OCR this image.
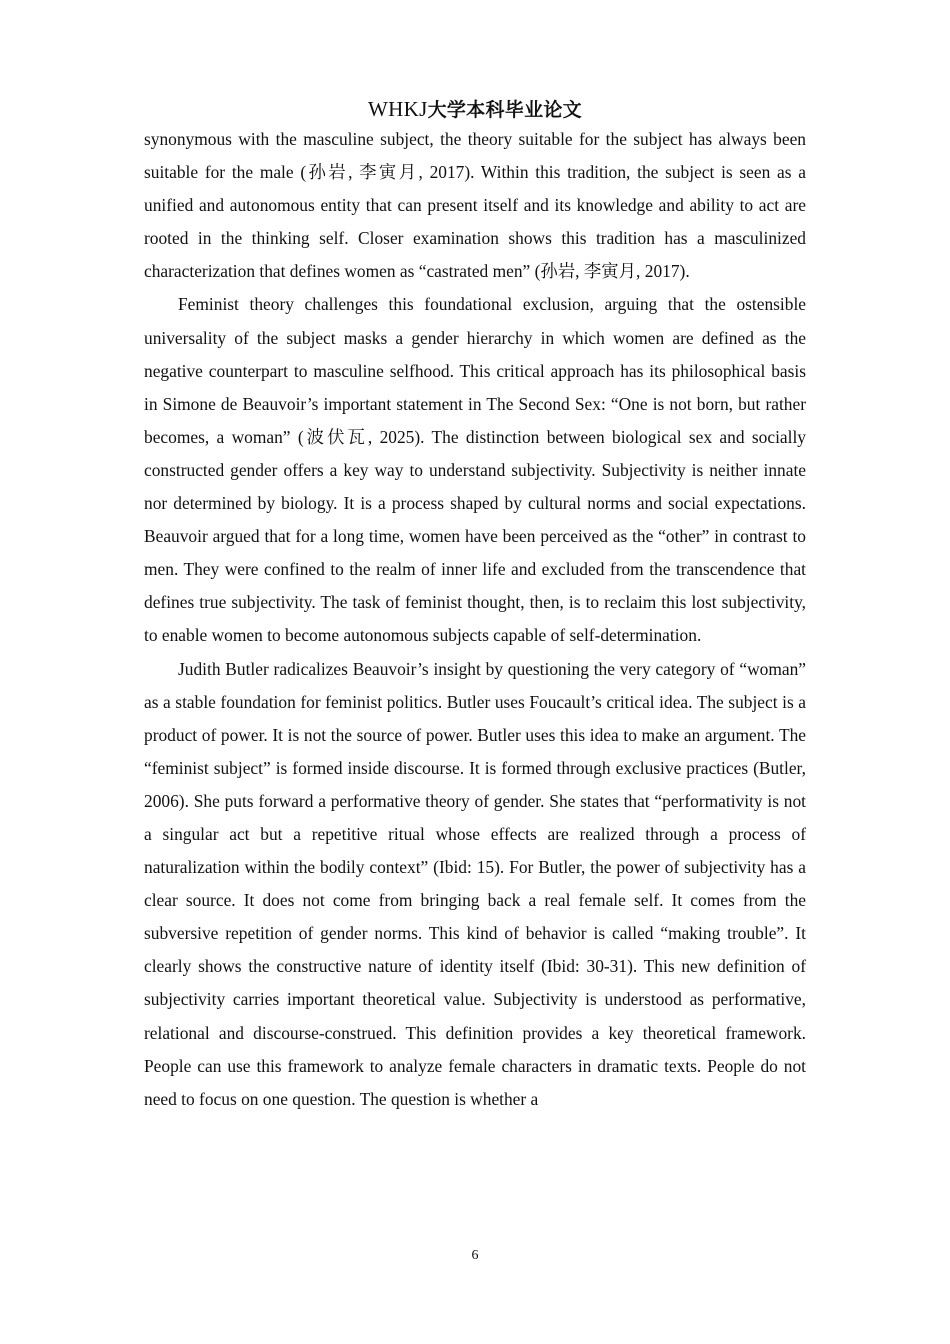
WHKJ大学本科毕业论文

synonymous with the masculine subject, the theory suitable for the subject has always been suitable for the male (孙岩, 李寅月, 2017). Within this tradition, the subject is seen as a unified and autonomous entity that can present itself and its knowledge and ability to act are rooted in the thinking self. Closer examination shows this tradition has a masculinized characterization that defines women as “castrated men” (孙岩, 李寅月, 2017).

Feminist theory challenges this foundational exclusion, arguing that the ostensible universality of the subject masks a gender hierarchy in which women are defined as the negative counterpart to masculine selfhood. This critical approach has its philosophical basis in Simone de Beauvoir’s important statement in The Second Sex: “One is not born, but rather becomes, a woman” (波伏瓦, 2025). The distinction between biological sex and socially constructed gender offers a key way to understand subjectivity. Subjectivity is neither innate nor determined by biology. It is a process shaped by cultural norms and social expectations. Beauvoir argued that for a long time, women have been perceived as the “other” in contrast to men. They were confined to the realm of inner life and excluded from the transcendence that defines true subjectivity. The task of feminist thought, then, is to reclaim this lost subjectivity, to enable women to become autonomous subjects capable of self-determination.

Judith Butler radicalizes Beauvoir’s insight by questioning the very category of “woman” as a stable foundation for feminist politics. Butler uses Foucault’s critical idea. The subject is a product of power. It is not the source of power. Butler uses this idea to make an argument. The “feminist subject” is formed inside discourse. It is formed through exclusive practices (Butler, 2006). She puts forward a performative theory of gender. She states that “performativity is not a singular act but a repetitive ritual whose effects are realized through a process of naturalization within the bodily context” (Ibid: 15). For Butler, the power of subjectivity has a clear source. It does not come from bringing back a real female self. It comes from the subversive repetition of gender norms. This kind of behavior is called “making trouble”. It clearly shows the constructive nature of identity itself (Ibid: 30-31). This new definition of subjectivity carries important theoretical value. Subjectivity is understood as performative, relational and discourse-construed. This definition provides a key theoretical framework. People can use this framework to analyze female characters in dramatic texts. People do not need to focus on one question. The question is whether a

6
